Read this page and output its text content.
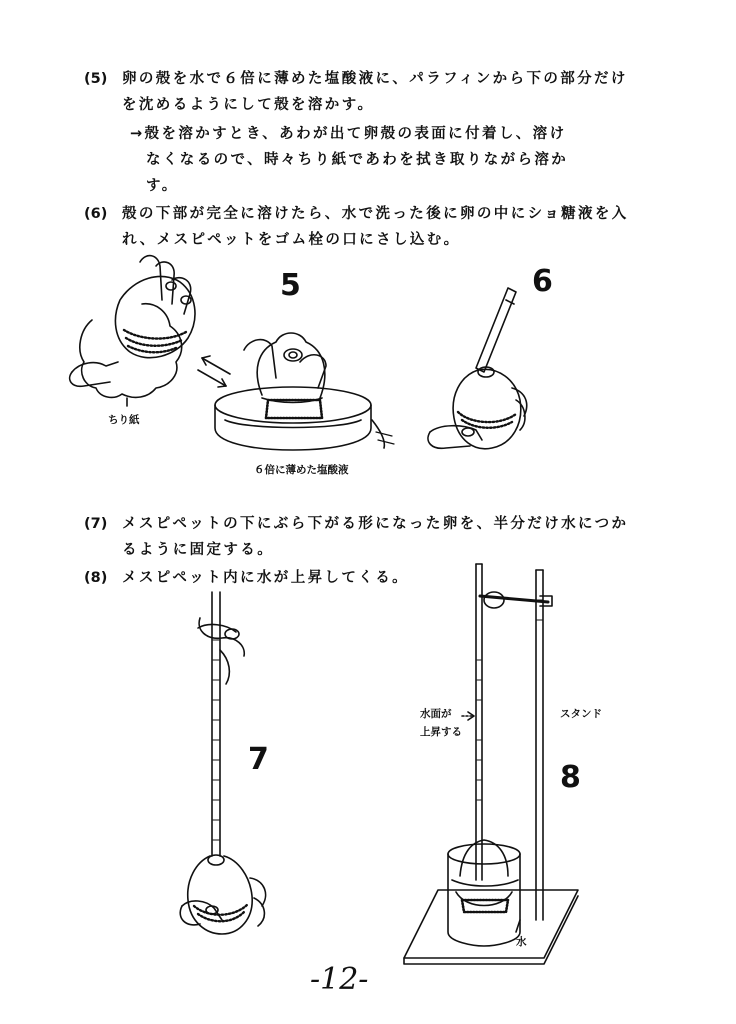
(5) 卵の殻を水で６倍に薄めた塩酸液に、パラフィンから下の部分だけ
を沈めるようにして殻を溶かす。
→殻を溶かすとき、あわが出て卵殻の表面に付着し、溶け
なくなるので、時々ちり紙であわを拭き取りながら溶か
す。
(6) 殻の下部が完全に溶けたら、水で洗った後に卵の中にショ糖液を入
れ、メスピペットをゴム栓の口にさし込む。
(7) メスピペットの下にぶら下がる形になった卵を、半分だけ水につか
るように固定する。
(8) メスピペット内に水が上昇してくる。
5	6
7
8
ちり紙
６倍に薄めた塩酸液
水面が
上昇する
スタンド
水
-12-
